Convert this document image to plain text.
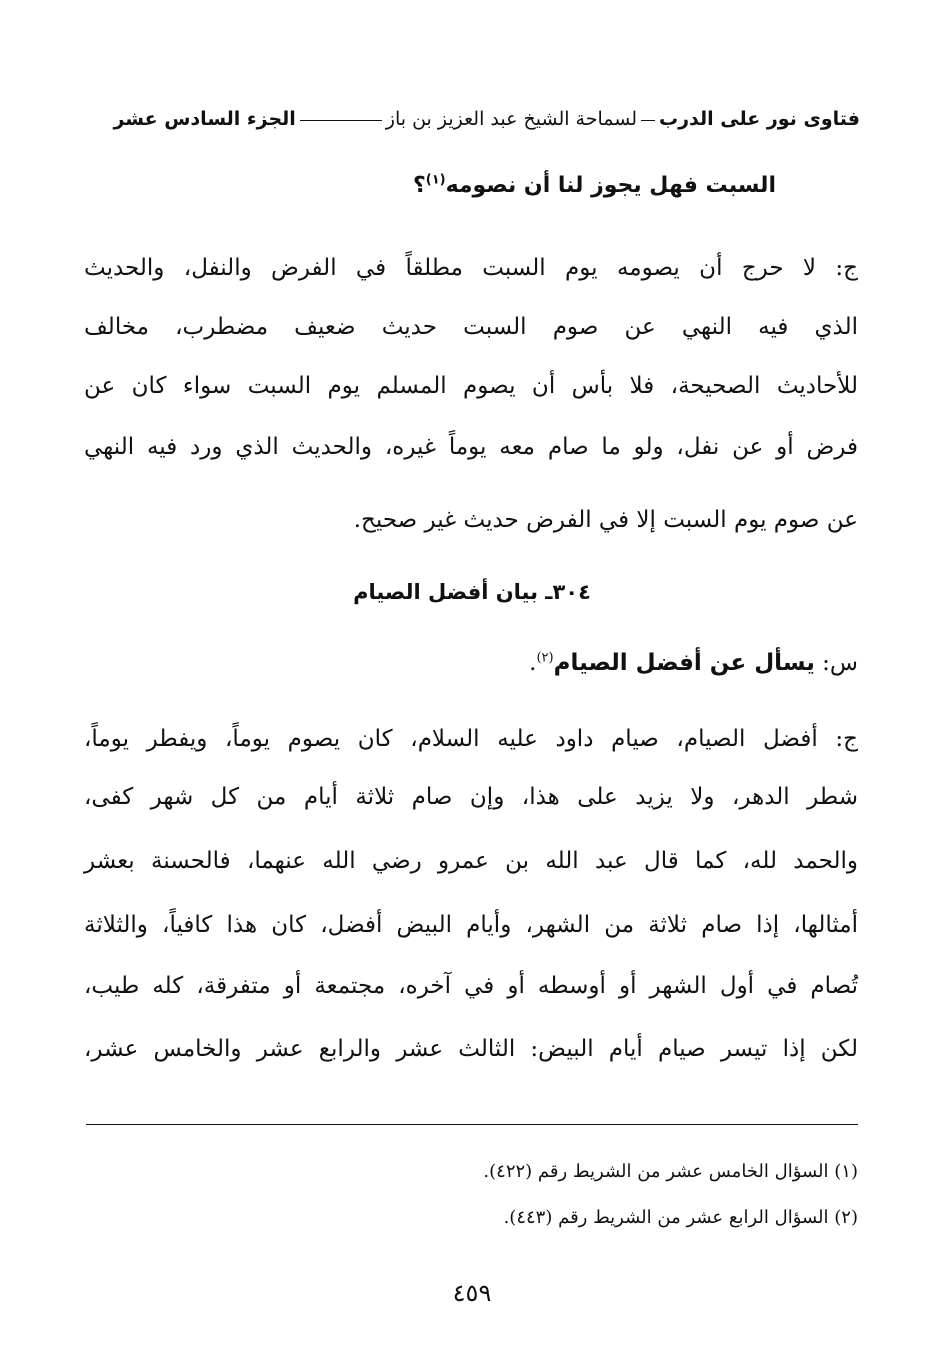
فتاوى نور على الدربلسماحة الشيخ عبد العزيز بن بازالجزء السادس عشر
السبت فهل يجوز لنا أن نصومه$^{(١)}$؟
ج: لا حرج أن يصومه يوم السبت مطلقاً في الفرض والنفل، والحديث
الذي فيه النهي عن صوم السبت حديث ضعيف مضطرب، مخالف
للأحاديث الصحيحة، فلا بأس أن يصوم المسلم يوم السبت سواء كان عن
فرض أو عن نفل، ولو ما صام معه يوماً غيره، والحديث الذي ورد فيه النهي
عن صوم يوم السبت إلا في الفرض حديث غير صحيح.
٣٠٤ـ بيان أفضل الصيام
س: يسأل عن أفضل الصيام$^{(٢)}$.
ج: أفضل الصيام، صيام داود عليه السلام، كان يصوم يوماً، ويفطر يوماً،
شطر الدهر، ولا يزيد على هذا، وإن صام ثلاثة أيام من كل شهر كفى،
والحمد لله، كما قال عبد الله بن عمرو رضي الله عنهما، فالحسنة بعشر
أمثالها، إذا صام ثلاثة من الشهر، وأيام البيض أفضل، كان هذا كافياً، والثلاثة
تُصام في أول الشهر أو أوسطه أو في آخره، مجتمعة أو متفرقة، كله طيب،
لكن إذا تيسر صيام أيام البيض: الثالث عشر والرابع عشر والخامس عشر،
(١) السؤال الخامس عشر من الشريط رقم (٤٢٢).
(٢) السؤال الرابع عشر من الشريط رقم (٤٤٣).
٤٥٩
